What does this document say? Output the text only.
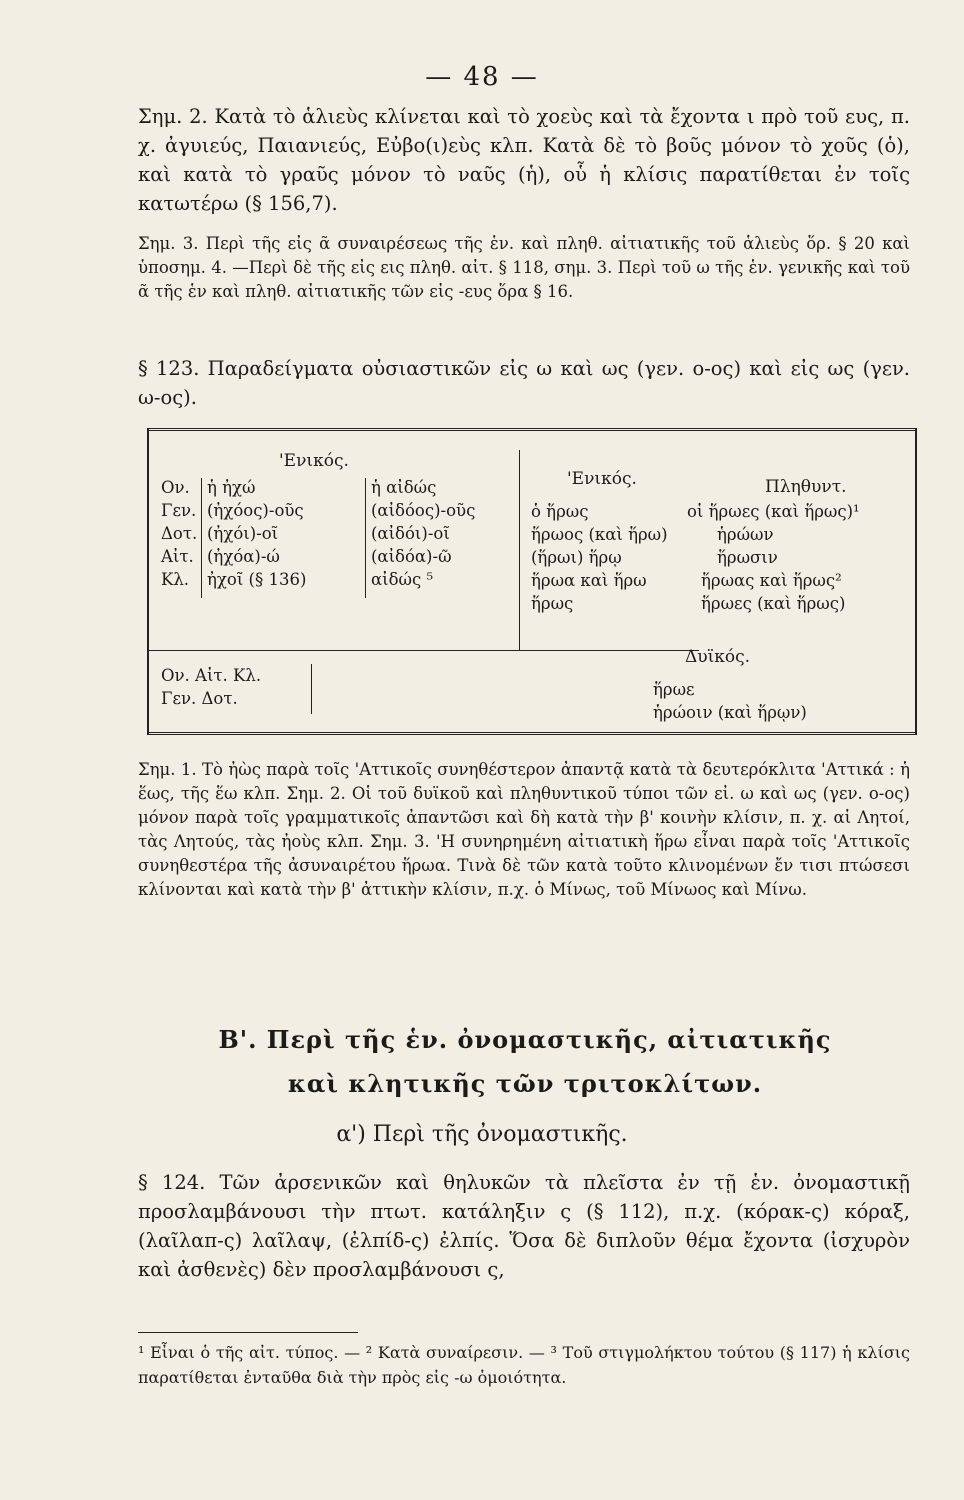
— 48 —
Σημ. 2. Κατὰ τὸ ἁλιεὺς κλίνεται καὶ τὸ χοεὺς καὶ τὰ ἔχοντα ι πρὸ τοῦ ευς, π. χ. ἀγυιεύς, Παιανιεύς, Εὐβο(ι)εὺς κλπ. Κατὰ δὲ τὸ βοῦς μόνον τὸ χοῦς (ὁ), καὶ κατὰ τὸ γραῦς μόνον τὸ ναῦς (ἡ), οὗ ἡ κλίσις παρατίθεται ἐν τοῖς κατωτέρω (§ 156,7).
Σημ. 3. Περὶ τῆς εἰς ᾶ συναιρέσεως τῆς ἑν. καὶ πληθ. αἰτιατικῆς τοῦ ἁλιεὺς ὅρ. § 20 καὶ ὑποσημ. 4. —Περὶ δὲ τῆς εἰς εις πληθ. αἰτ. § 118, σημ. 3. Περὶ τοῦ ω τῆς ἑν. γενικῆς καὶ τοῦ ᾶ τῆς ἑν καὶ πληθ. αἰτιατικῆς τῶν εἰς -ευς ὅρα § 16.
§ 123. Παραδείγματα οὐσιαστικῶν εἰς ω καὶ ως (γεν. ο-ος) καὶ εἰς ως (γεν. ω-ος).
'Ενικός.
Ον.
Γεν.
Δοτ.
Αἰτ.
Κλ.
ἡ ἠχώ
(ἠχόος)-οῦς
(ἠχόι)-οῖ
(ἠχόα)-ώ
ἠχοῖ (§ 136)
ἡ αἰδώς
(αἰδόος)-οῦς
(αἰδόι)-οῖ
(αἰδόα)-ῶ
αἰδώς ⁵
Ον. Αἰτ. Κλ.
Γεν. Δοτ.
'Ενικός.	Πληθυντ.
ὁ ἥρως
ἥρωος (καὶ ἥρω)
(ἥρωι) ἥρῳ
ἥρωα καὶ ἥρω
ἥρως
οἱ ἥρωες (καὶ ἥρως)¹
ἡρώων
ἥρωσιν
ἥρωας καὶ ἥρως²
ἥρωες (καὶ ἥρως)
Δυϊκός.
ἥρωε
ἡρώοιν (καὶ ἥρῳν)
Σημ. 1. Τὸ ἠὼς παρὰ τοῖς 'Αττικοῖς συνηθέστερον ἀπαντᾷ κατὰ τὰ δευτερόκλιτα 'Αττικά : ἡ ἕως, τῆς ἕω κλπ. Σημ. 2. Οἱ τοῦ δυϊκοῦ καὶ πληθυντικοῦ τύποι τῶν εἰ. ω καὶ ως (γεν. ο-ος) μόνον παρὰ τοῖς γραμματικοῖς ἀπαντῶσι καὶ δὴ κατὰ τὴν β' κοινὴν κλίσιν, π. χ. αἱ Λητοί, τὰς Λητούς, τὰς ἠοὺς κλπ. Σημ. 3. 'Η συνηρημένη αἰτιατικὴ ἥρω εἶναι παρὰ τοῖς 'Αττικοῖς συνηθεστέρα τῆς ἀσυναιρέτου ἥρωα. Τινὰ δὲ τῶν κατὰ τοῦτο κλινομένων ἔν τισι πτώσεσι κλίνονται καὶ κατὰ τὴν β' ἀττικὴν κλίσιν, π.χ. ὁ Μίνως, τοῦ Μίνωος καὶ Μίνω.
Β'. Περὶ τῆς ἑν. ὀνομαστικῆς, αἰτιατικῆς
καὶ κλητικῆς τῶν τριτοκλίτων.
α') Περὶ τῆς ὀνομαστικῆς.
§ 124. Τῶν ἀρσενικῶν καὶ θηλυκῶν τὰ πλεῖστα ἐν τῇ ἑν. ὀνομαστικῇ προσλαμβάνουσι τὴν πτωτ. κατάληξιν ς (§ 112), π.χ. (κόρακ-ς) κόραξ, (λαῖλαπ-ς) λαῖλαψ, (ἐλπίδ-ς) ἐλπίς. Ὅσα δὲ διπλοῦν θέμα ἔχοντα (ἰσχυρὸν καὶ ἀσθενὲς) δὲν προσλαμβάνουσι ς,
¹ Εἶναι ὁ τῆς αἰτ. τύπος. — ² Κατὰ συναίρεσιν. — ³ Τοῦ στιγμολήκτου τούτου (§ 117) ἡ κλίσις παρατίθεται ἐνταῦθα διὰ τὴν πρὸς εἰς -ω ὁμοιότητα.
